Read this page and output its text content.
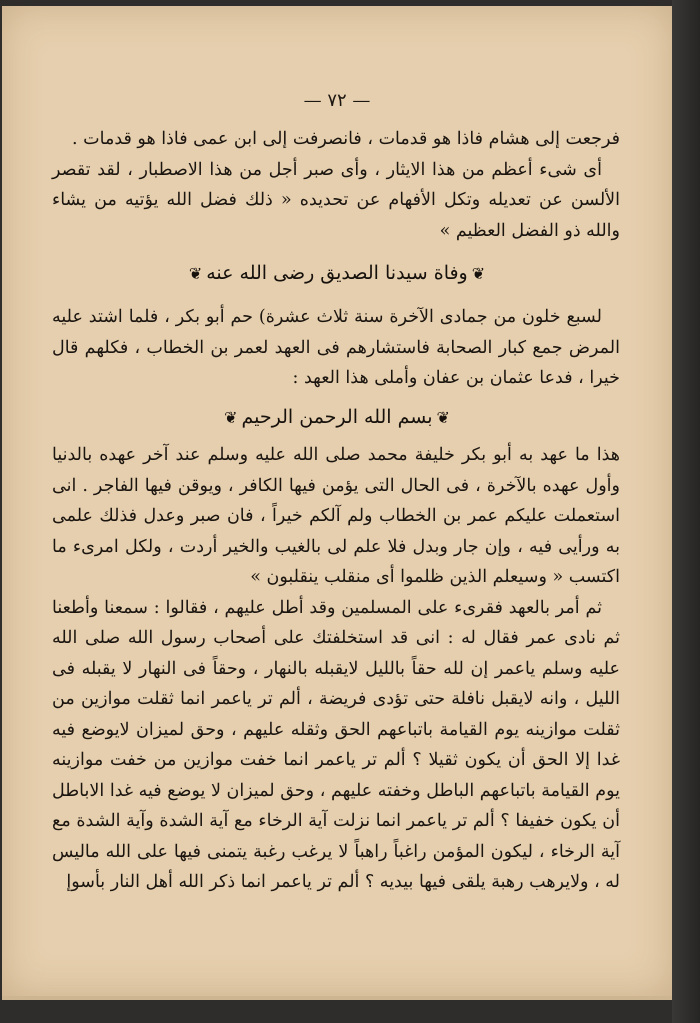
— ٧٢ —

فرجعت إلى هشام فاذا هو قدمات ، فانصرفت إلى ابن عمى فاذا هو قدمات .

أى شىء أعظم من هذا الايثار ، وأى صبر أجل من هذا الاصطبار ، لقد تقصر الألسن عن تعديله وتكل الأفهام عن تحديده « ذلك فضل الله يؤتيه من يشاء والله ذو الفضل العظيم »

❦وفاة سيدنا الصديق رضى الله عنه❦

لسبع خلون من جمادى الآخرة سنة ثلاث عشرة) حم أبو بكر ، فلما اشتد عليه المرض جمع كبار الصحابة فاستشارهم فى العهد لعمر بن الخطاب ، فكلهم قال خيرا ، فدعا عثمان بن عفان وأملى هذا العهد :

❦بسم الله الرحمن الرحيم❦

هذا ما عهد به أبو بكر خليفة محمد صلى الله عليه وسلم عند آخر عهده بالدنيا وأول عهده بالآخرة ، فى الحال التى يؤمن فيها الكافر ، ويوقن فيها الفاجر . انى استعملت عليكم عمر بن الخطاب ولم آلكم خيراً ، فان صبر وعدل فذلك علمى به ورأيى فيه ، وإن جار وبدل فلا علم لى بالغيب والخير أردت ، ولكل امرىء ما اكتسب « وسيعلم الذين ظلموا أى منقلب ينقلبون »

ثم أمر بالعهد فقرىء على المسلمين وقد أطل عليهم ، فقالوا : سمعنا وأطعنا ثم نادى عمر فقال له : انى قد استخلفتك على أصحاب رسول الله صلى الله عليه وسلم ياعمر إن لله حقاً بالليل لايقبله بالنهار ، وحقاً فى النهار لا يقبله فى الليل ، وانه لايقبل نافلة حتى تؤدى فريضة ، ألم تر ياعمر انما ثقلت موازين من ثقلت موازينه يوم القيامة باتباعهم الحق وثقله عليهم ، وحق لميزان لايوضع فيه غدا إلا الحق أن يكون ثقيلا ؟ ألم تر ياعمر انما خفت موازين من خفت موازينه يوم القيامة باتباعهم الباطل وخفته عليهم ، وحق لميزان لا يوضع فيه غدا الاباطل أن يكون خفيفا ؟ ألم تر ياعمر انما نزلت آية الرخاء مع آية الشدة وآية الشدة مع آية الرخاء ، ليكون المؤمن راغباً راهباً لا يرغب رغبة يتمنى فيها على الله ماليس له ، ولايرهب رهبة يلقى فيها بيديه ؟ ألم تر ياعمر انما ذكر الله أهل النار بأسوإ
